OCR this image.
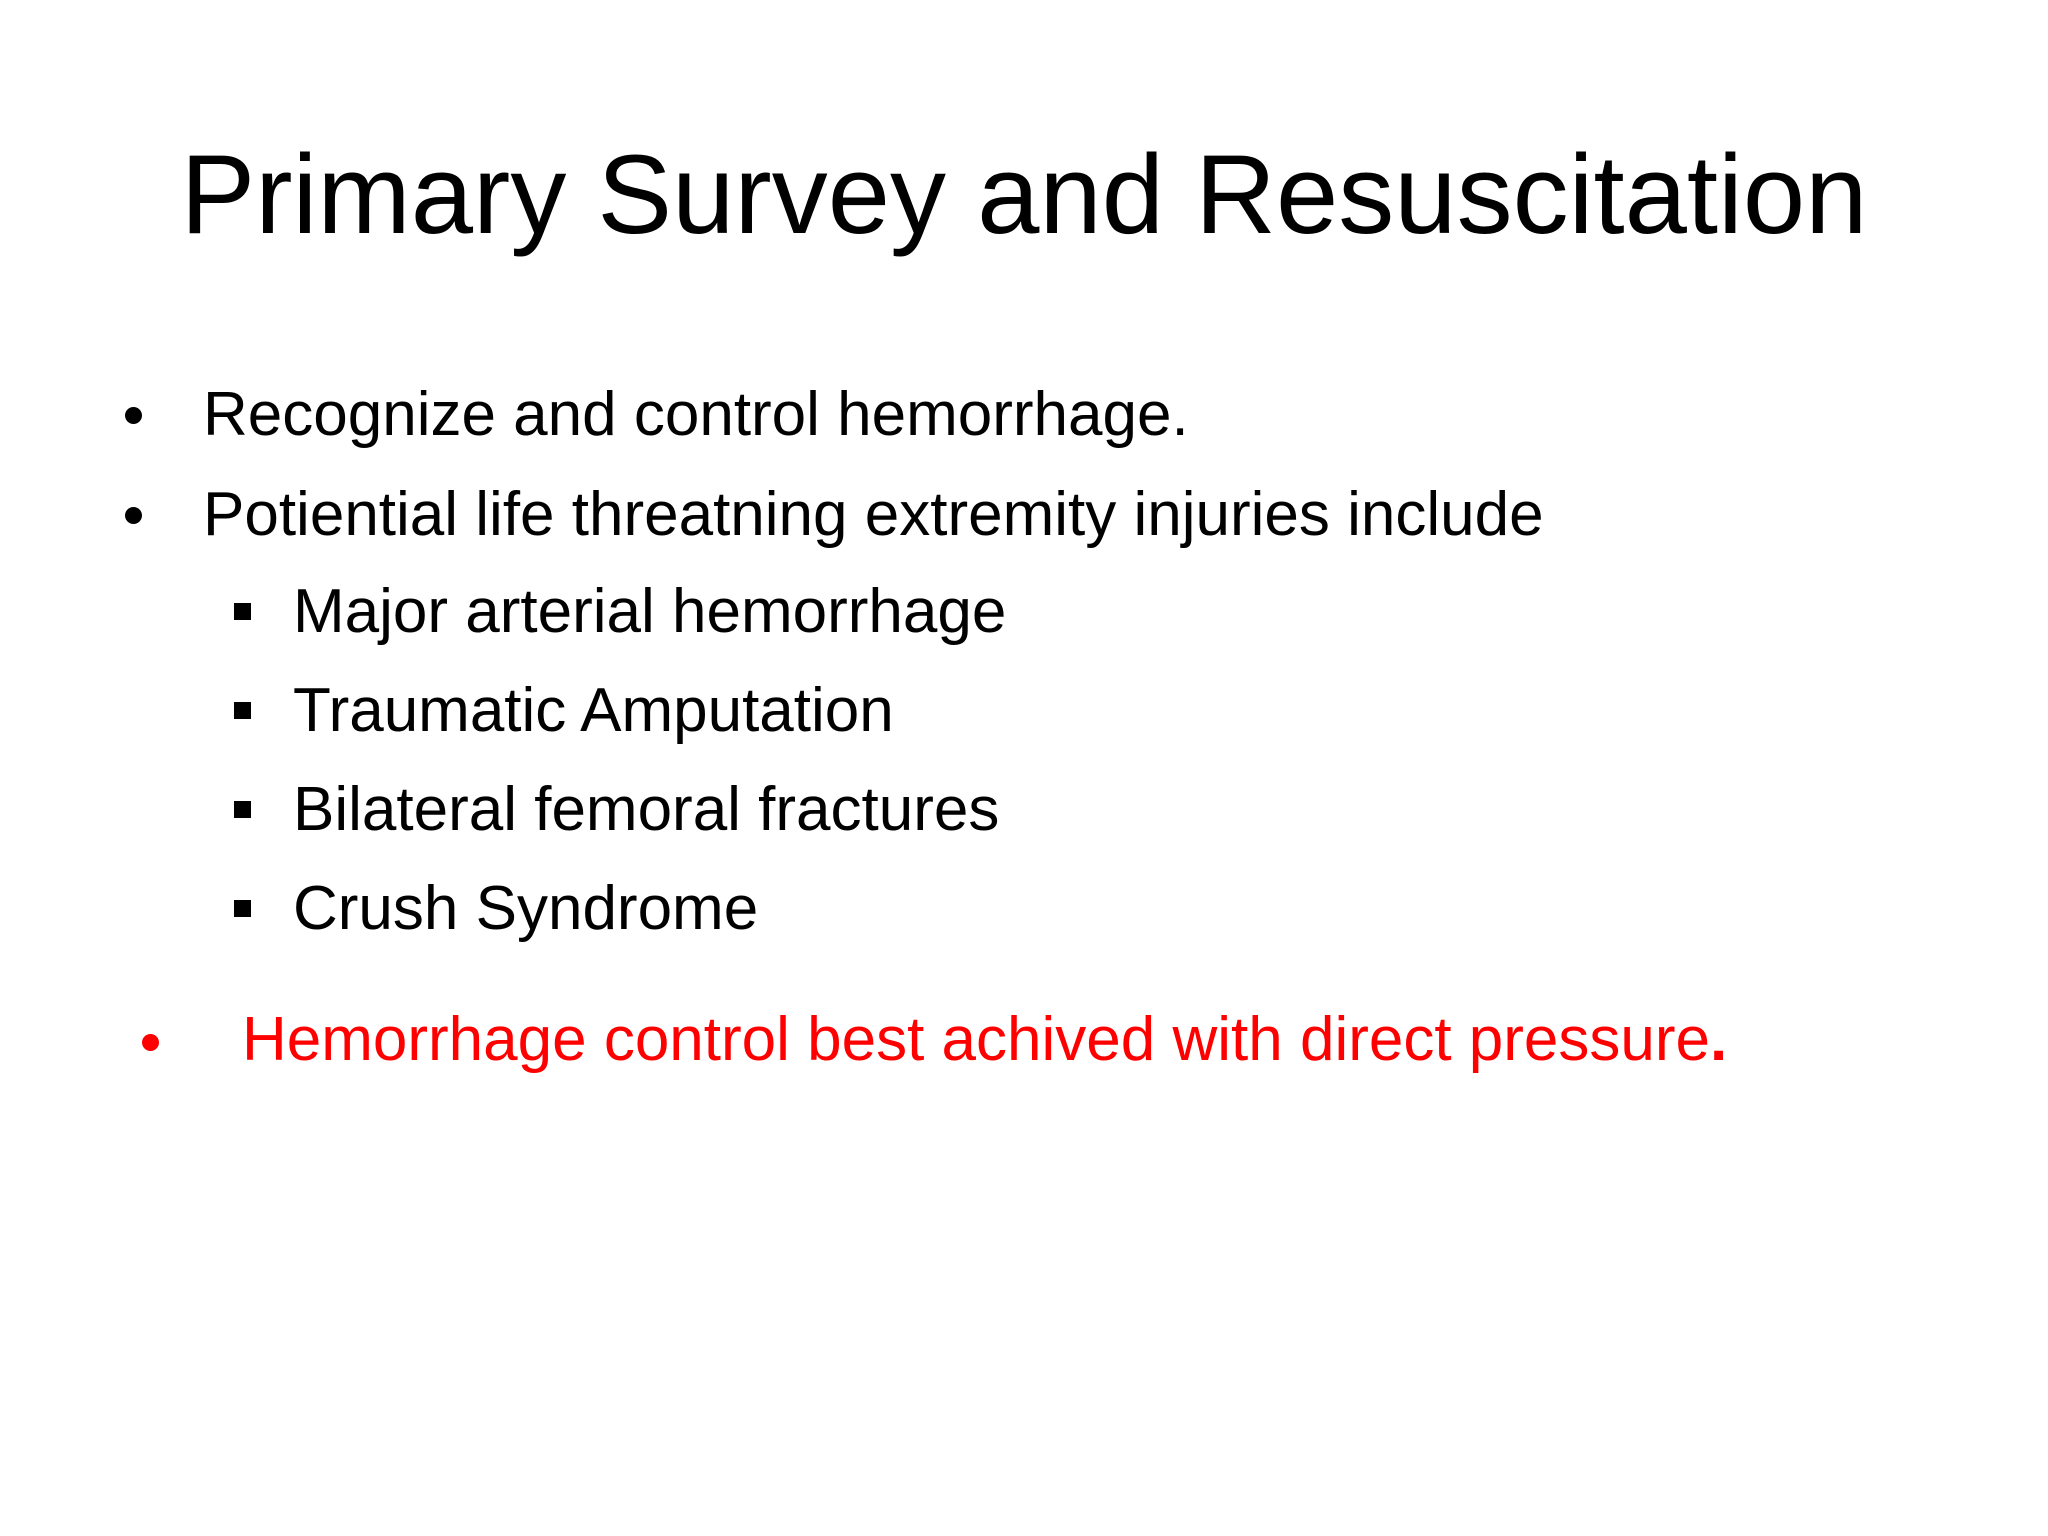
Primary Survey and Resuscitation
Recognize and control hemorrhage.
Potiential life threatning extremity injuries include
Major arterial hemorrhage
Traumatic Amputation
Bilateral femoral fractures
Crush Syndrome
Hemorrhage control best achived with direct pressure.
